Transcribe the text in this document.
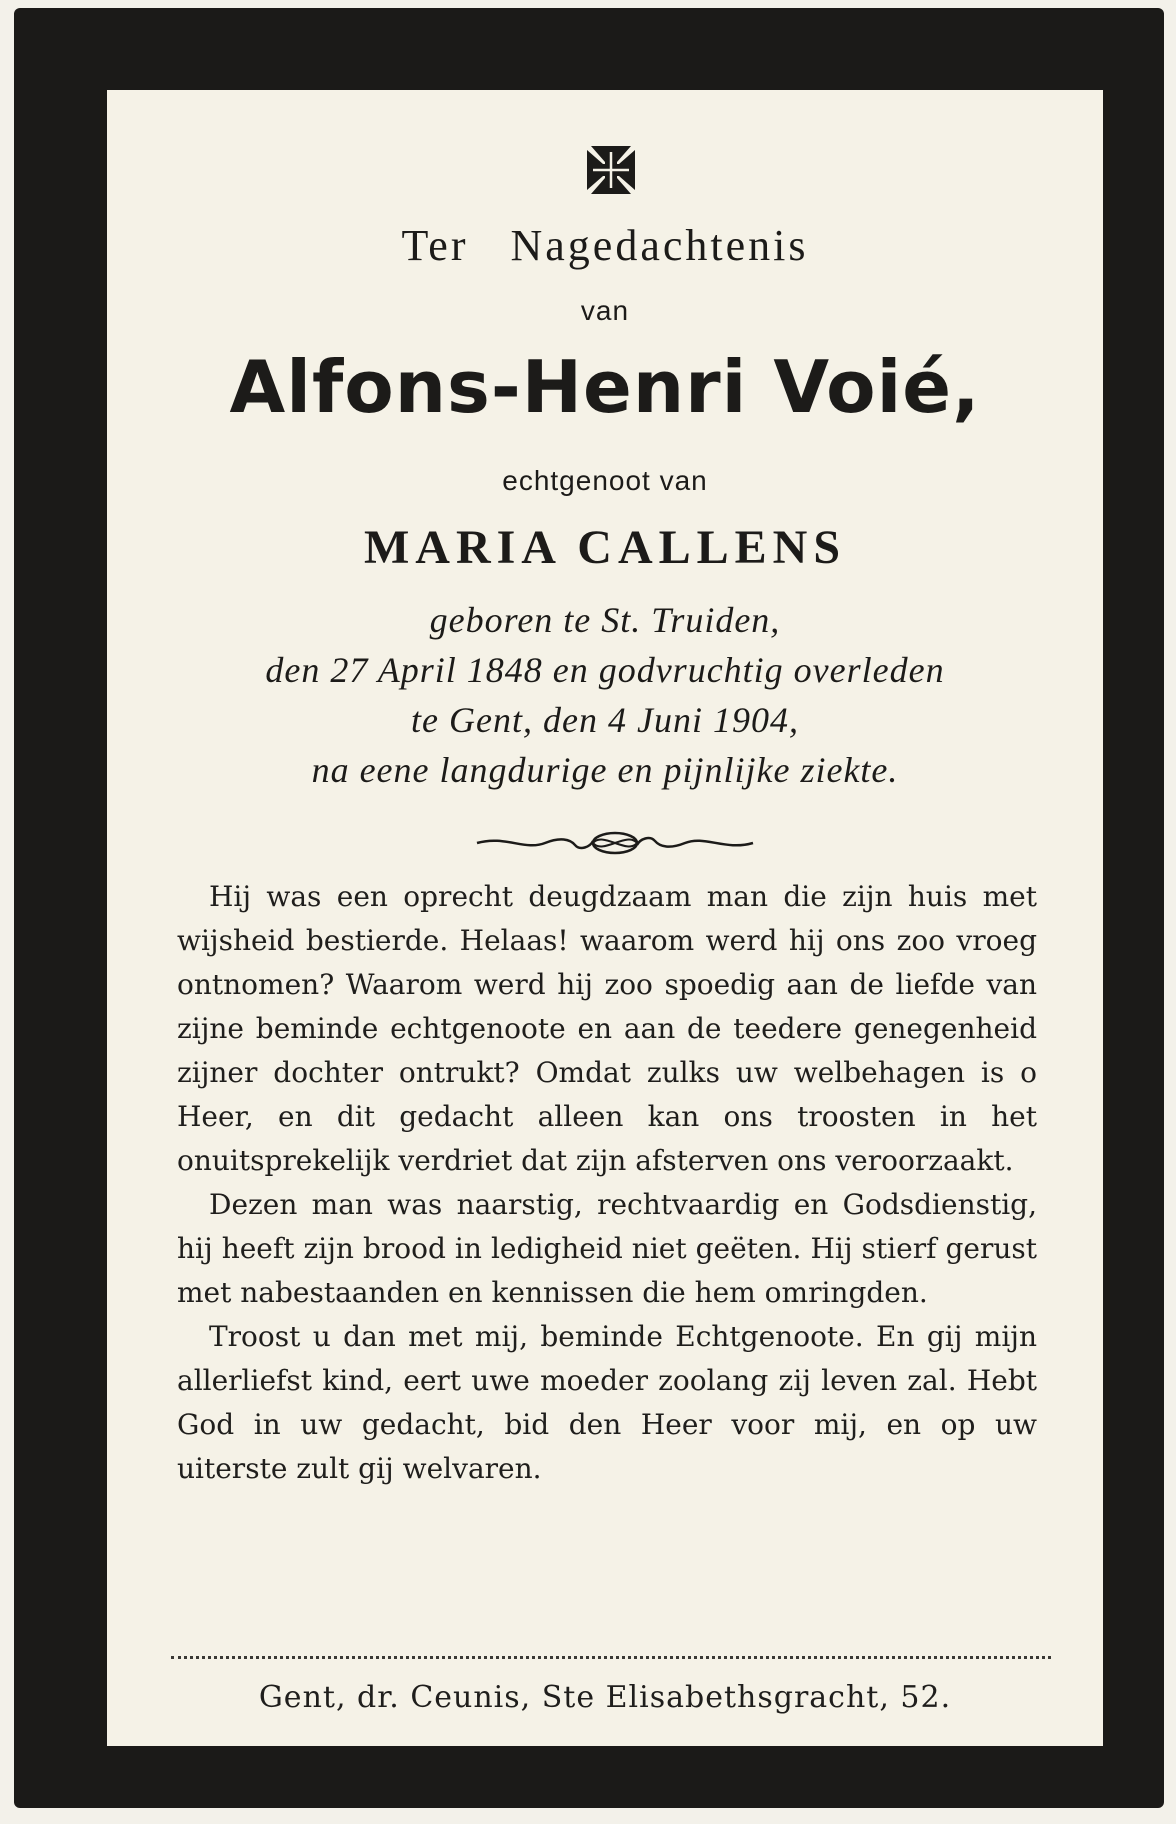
Ter Nagedachtenis
van
Alfons-Henri Voié,
echtgenoot van
MARIA CALLENS
geboren te St. Truiden,
den 27 April 1848 en godvruchtig overleden
te Gent, den 4 Juni 1904,
na eene langdurige en pijnlijke ziekte.

Hij was een oprecht deugdzaam man die zijn huis met wijsheid bestierde. Helaas! waarom werd hij ons zoo vroeg ontnomen? Waarom werd hij zoo spoedig aan de liefde van zijne beminde echtgenoote en aan de teedere genegenheid zijner dochter ontrukt? Omdat zulks uw welbehagen is o Heer, en dit gedacht alleen kan ons troosten in het onuitsprekelijk verdriet dat zijn afsterven ons veroorzaakt.

Dezen man was naarstig, rechtvaardig en Godsdienstig, hij heeft zijn brood in ledigheid niet geëten. Hij stierf gerust met nabestaanden en kennissen die hem omringden.

Troost u dan met mij, beminde Echtgenoote. En gij mijn allerliefst kind, eert uwe moeder zoolang zij leven zal. Hebt God in uw gedacht, bid den Heer voor mij, en op uw uiterste zult gij welvaren.

Gent, dr. Ceunis, Ste Elisabethsgracht, 52.
